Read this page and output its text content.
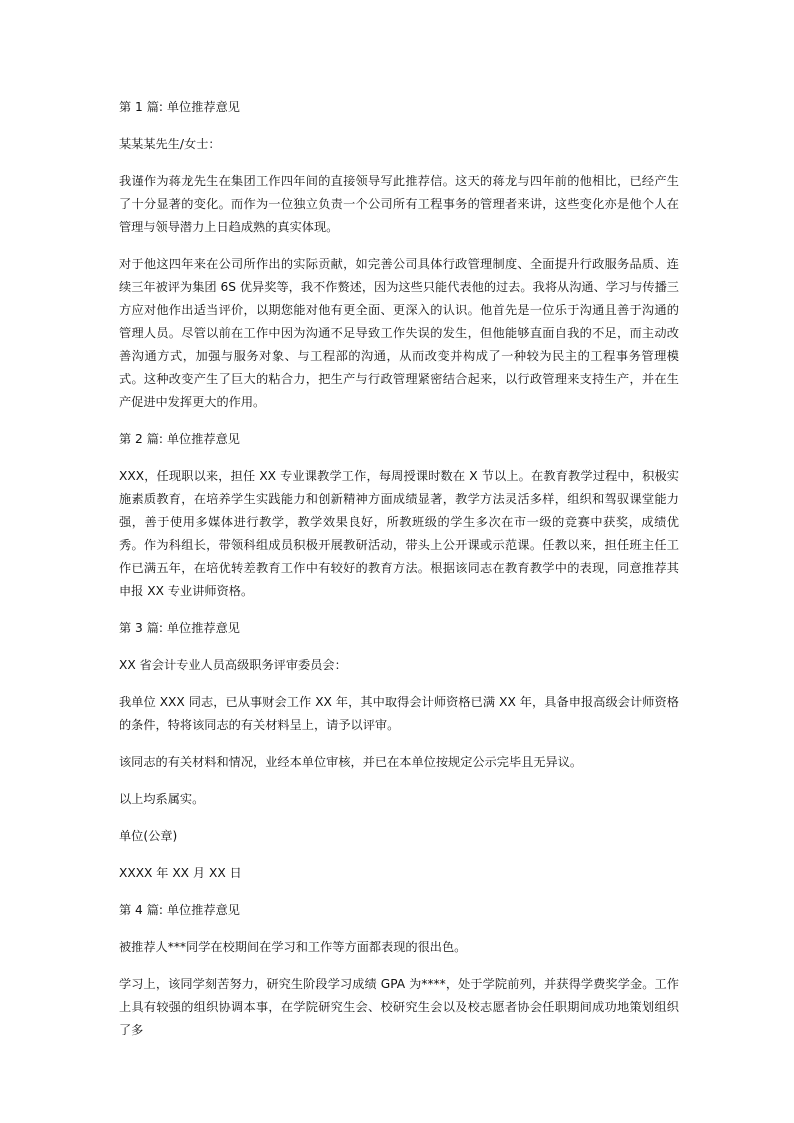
第 1 篇: 单位推荐意见

某某某先生/女士：

我谨作为蒋龙先生在集团工作四年间的直接领导写此推荐信。这天的蒋龙与四年前的他相比，已经产生了十分显著的变化。而作为一位独立负责一个公司所有工程事务的管理者来讲，这些变化亦是他个人在管理与领导潜力上日趋成熟的真实体现。

对于他这四年来在公司所作出的实际贡献，如完善公司具体行政管理制度、全面提升行政服务品质、连续三年被评为集团 6S 优异奖等，我不作赘述，因为这些只能代表他的过去。我将从沟通、学习与传播三方应对他作出适当评价，以期您能对他有更全面、更深入的认识。他首先是一位乐于沟通且善于沟通的管理人员。尽管以前在工作中因为沟通不足导致工作失误的发生，但他能够直面自我的不足，而主动改善沟通方式，加强与服务对象、与工程部的沟通，从而改变并构成了一种较为民主的工程事务管理模式。这种改变产生了巨大的粘合力，把生产与行政管理紧密结合起来，以行政管理来支持生产，并在生产促进中发挥更大的作用。

第 2 篇: 单位推荐意见

XXX，任现职以来，担任 XX 专业课教学工作，每周授课时数在 X 节以上。在教育教学过程中，积极实施素质教育，在培养学生实践能力和创新精神方面成绩显著，教学方法灵活多样，组织和驾驭课堂能力强，善于使用多媒体进行教学，教学效果良好，所教班级的学生多次在市一级的竞赛中获奖，成绩优秀。作为科组长，带领科组成员积极开展教研活动，带头上公开课或示范课。任教以来，担任班主任工作已满五年，在培优转差教育工作中有较好的教育方法。根据该同志在教育教学中的表现，同意推荐其申报 XX 专业讲师资格。

第 3 篇: 单位推荐意见

XX 省会计专业人员高级职务评审委员会：

我单位 XXX 同志，已从事财会工作 XX 年，其中取得会计师资格已满 XX 年，具备申报高级会计师资格的条件，特将该同志的有关材料呈上，请予以评审。

该同志的有关材料和情况，业经本单位审核，并已在本单位按规定公示完毕且无异议。

以上均系属实。

单位(公章)

XXXX 年 XX 月 XX 日

第 4 篇: 单位推荐意见

被推荐人***同学在校期间在学习和工作等方面都表现的很出色。

学习上，该同学刻苦努力，研究生阶段学习成绩 GPA 为****，处于学院前列，并获得学费奖学金。工作上具有较强的组织协调本事，在学院研究生会、校研究生会以及校志愿者协会任职期间成功地策划组织了多
